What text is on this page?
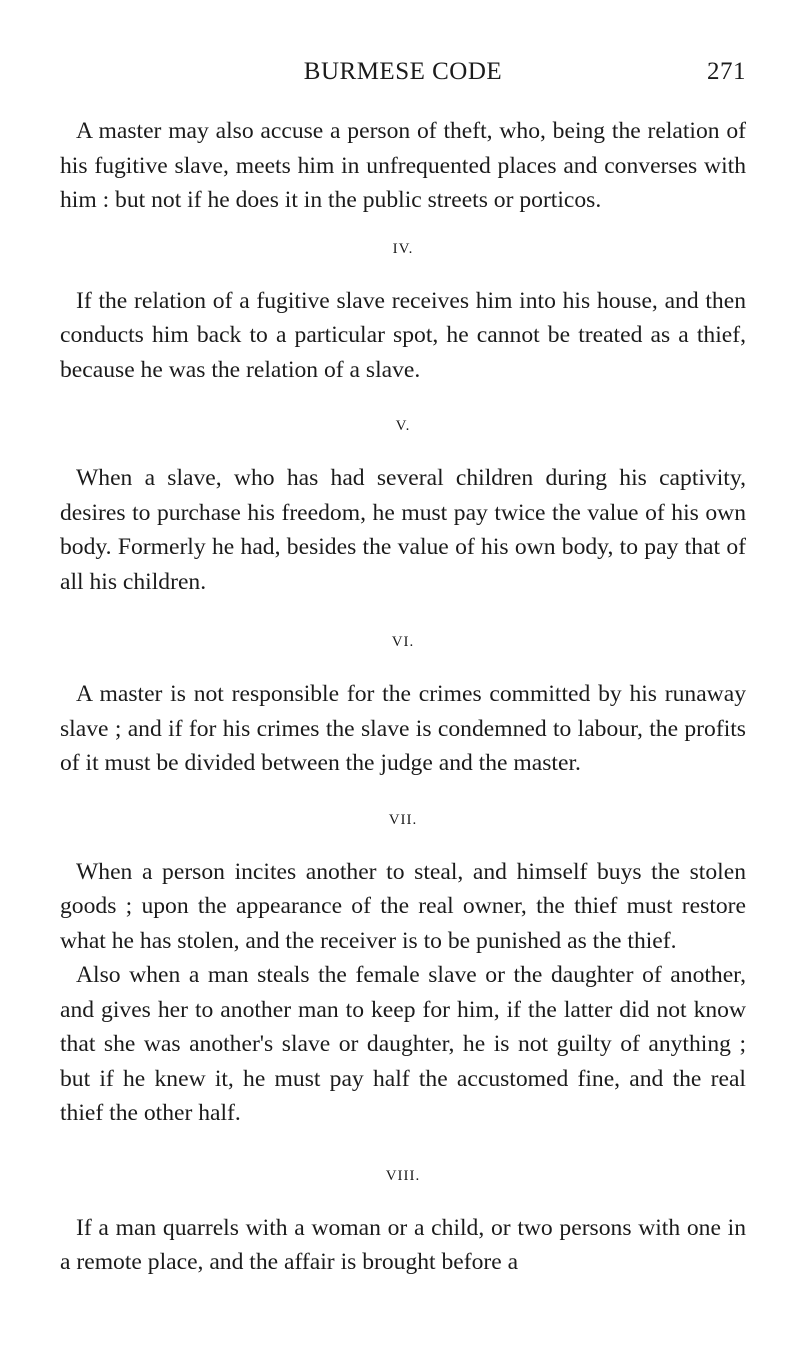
BURMESE CODE	271

A master may also accuse a person of theft, who, being the relation of his fugitive slave, meets him in unfrequented places and converses with him : but not if he does it in the public streets or porticos.

IV.

If the relation of a fugitive slave receives him into his house, and then conducts him back to a particular spot, he cannot be treated as a thief, because he was the relation of a slave.

V.

When a slave, who has had several children during his captivity, desires to purchase his freedom, he must pay twice the value of his own body. Formerly he had, besides the value of his own body, to pay that of all his children.

VI.

A master is not responsible for the crimes committed by his runaway slave ; and if for his crimes the slave is condemned to labour, the profits of it must be divided between the judge and the master.

VII.

When a person incites another to steal, and himself buys the stolen goods ; upon the appearance of the real owner, the thief must restore what he has stolen, and the receiver is to be punished as the thief.

Also when a man steals the female slave or the daughter of another, and gives her to another man to keep for him, if the latter did not know that she was another's slave or daughter, he is not guilty of anything ; but if he knew it, he must pay half the accustomed fine, and the real thief the other half.

VIII.

If a man quarrels with a woman or a child, or two persons with one in a remote place, and the affair is brought before a
